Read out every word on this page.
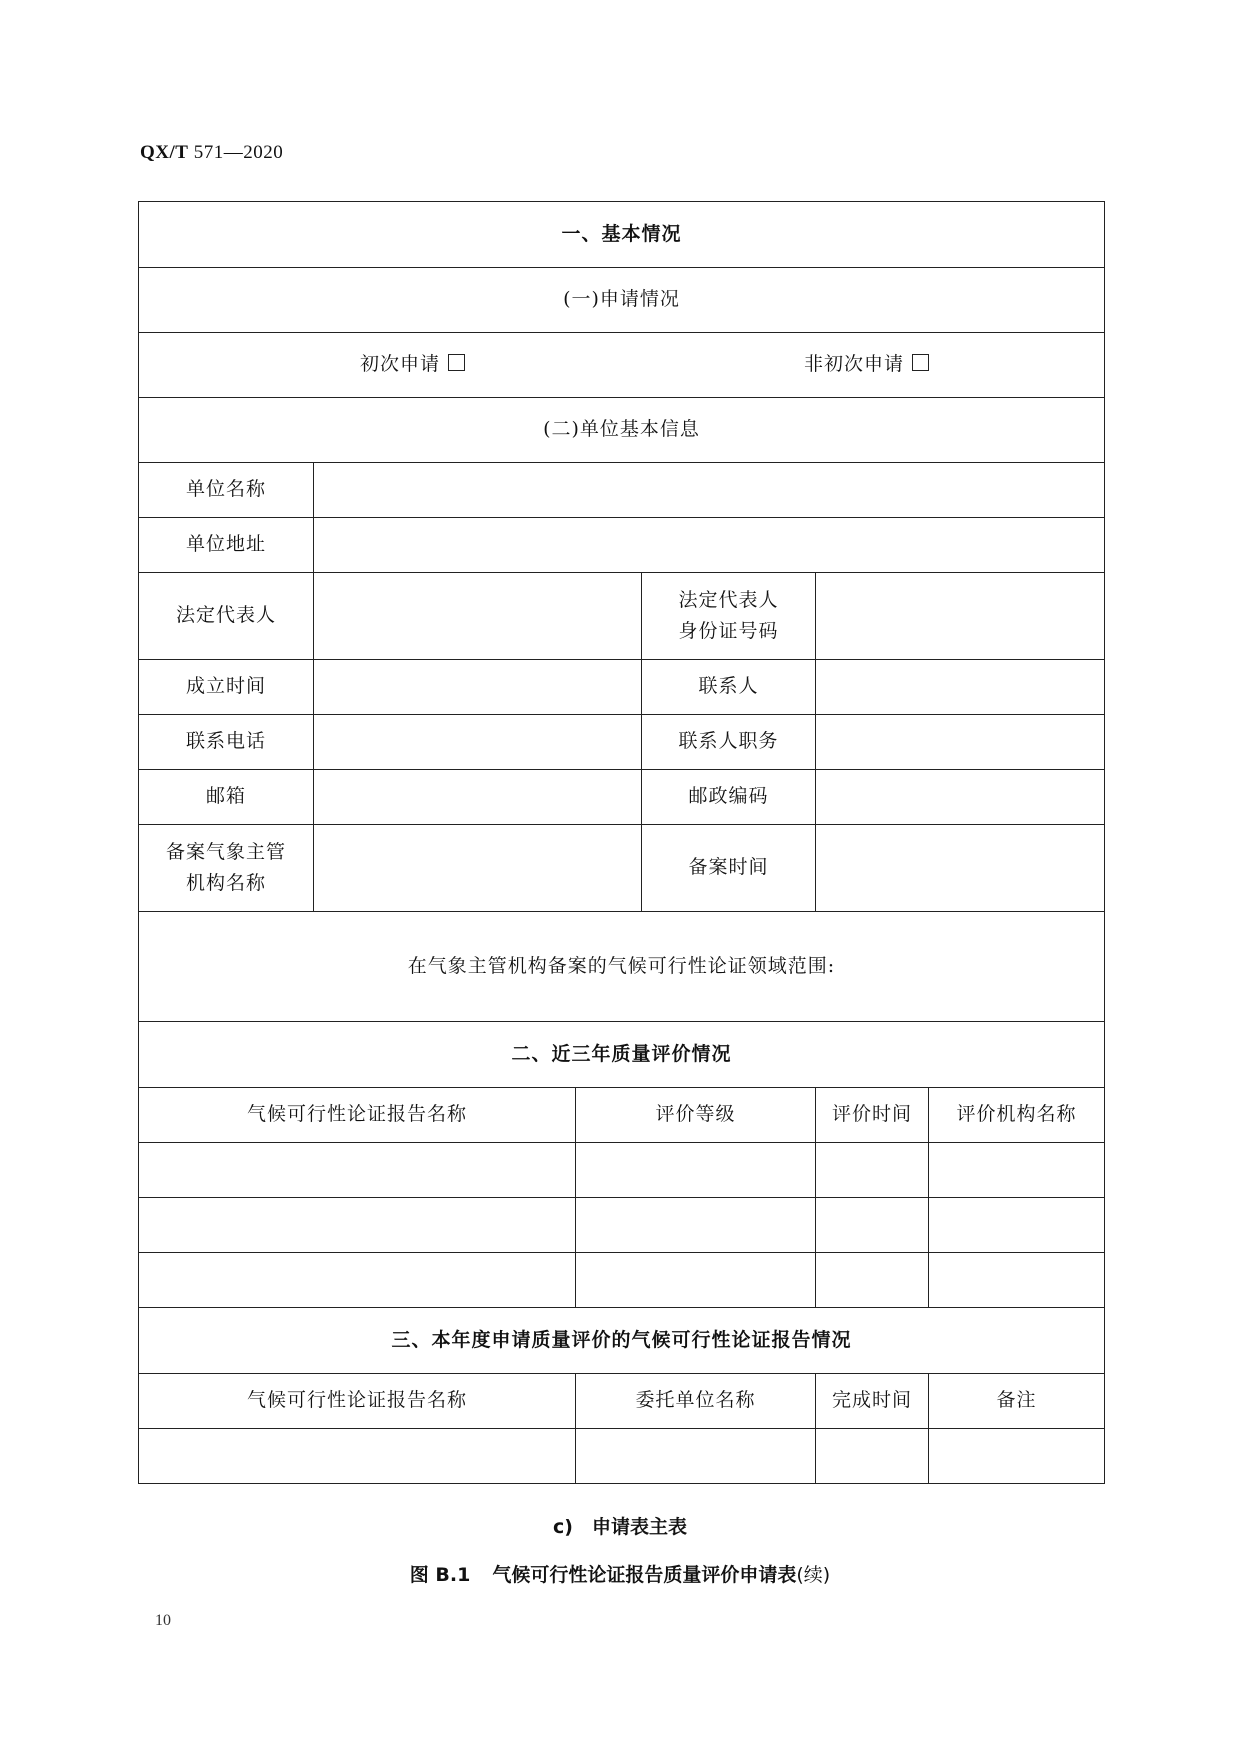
QX/T 571—2020
一、基本情况					
(一)申请情况					
初次申请 非初次申请					
(二)单位基本信息					
单位名称					
单位地址					
法定代表人			法定代表人
身份证号码		
成立时间			联系人		
联系电话			联系人职务		
邮箱			邮政编码		
备案气象主管
机构名称			备案时间		
在气象主管机构备案的气候可行性论证领域范围:					
二、近三年质量评价情况					
气候可行性论证报告名称		评价等级		评价时间	评价机构名称

三、本年度申请质量评价的气候可行性论证报告情况					
气候可行性论证报告名称		委托单位名称		完成时间	备注

c)　申请表主表
图 B.1 气候可行性论证报告质量评价申请表(续)
10
